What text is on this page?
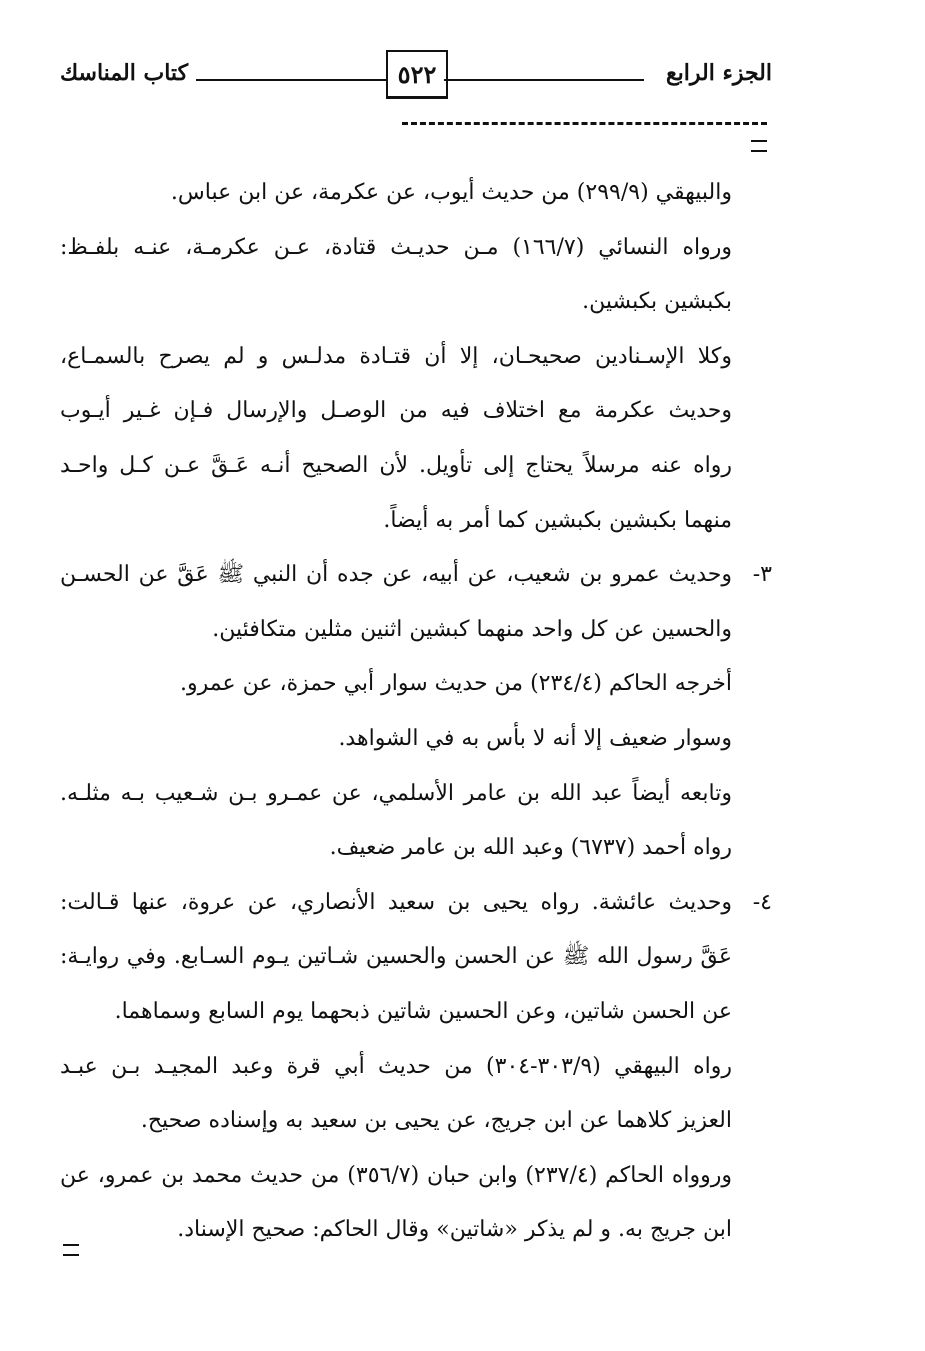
الجزء الرابع
٥٢٢
كتاب المناسك
والبيهقي (٢٩٩/٩) من حديث أيوب، عن عكرمة، عن ابن عباس.
ورواه النسائي (١٦٦/٧) مـن حديـث قتادة، عـن عكرمـة، عنـه بلفـظ:
بكبشين بكبشين.
وكلا الإسـنادين صحيحـان، إلا أن قتـادة مدلـس و لم يصرح بالسمـاع،
وحديث عكرمة مع اختلاف فيه من الوصـل والإرسال فـإن غـير أيـوب
رواه عنه مرسلاً يحتاج إلى تأويل. لأن الصحيح أنـه عَـقَّ عـن كـل واحـد
منهما بكبشين بكبشين كما أمر به أيضاً.
وحديث عمرو بن شعيب، عن أبيه، عن جده أن النبي ﷺ عَقَّ عن الحسـن ٣-
والحسين عن كل واحد منهما كبشين اثنين مثلين متكافئين.
أخرجه الحاكم (٢٣٤/٤) من حديث سوار أبي حمزة، عن عمرو.
وسوار ضعيف إلا أنه لا بأس به في الشواهد.
وتابعه أيضاً عبد الله بن عامر الأسلمي، عن عمـرو بـن شـعيب بـه مثلـه.
رواه أحمد (٦٧٣٧) وعبد الله بن عامر ضعيف.
وحديث عائشة. رواه يحيى بن سعيد الأنصاري، عن عروة، عنها قـالت: ٤-
عَقَّ رسول الله ﷺ عن الحسن والحسين شـاتين يـوم السـابع. وفي روايـة:
عن الحسن شاتين، وعن الحسين شاتين ذبحهما يوم السابع وسماهما.
رواه البيهقي (٣٠٣/٩-٣٠٤) من حديث أبي قرة وعبد المجيـد بـن عبـد
العزيز كلاهما عن ابن جريج، عن يحيى بن سعيد به وإسناده صحيح.
وروواه الحاكم (٢٣٧/٤) وابن حبان (٣٥٦/٧) من حديث محمد بن عمرو، عن
ابن جريج به. و لم يذكر «شاتين» وقال الحاكم: صحيح الإسناد.
